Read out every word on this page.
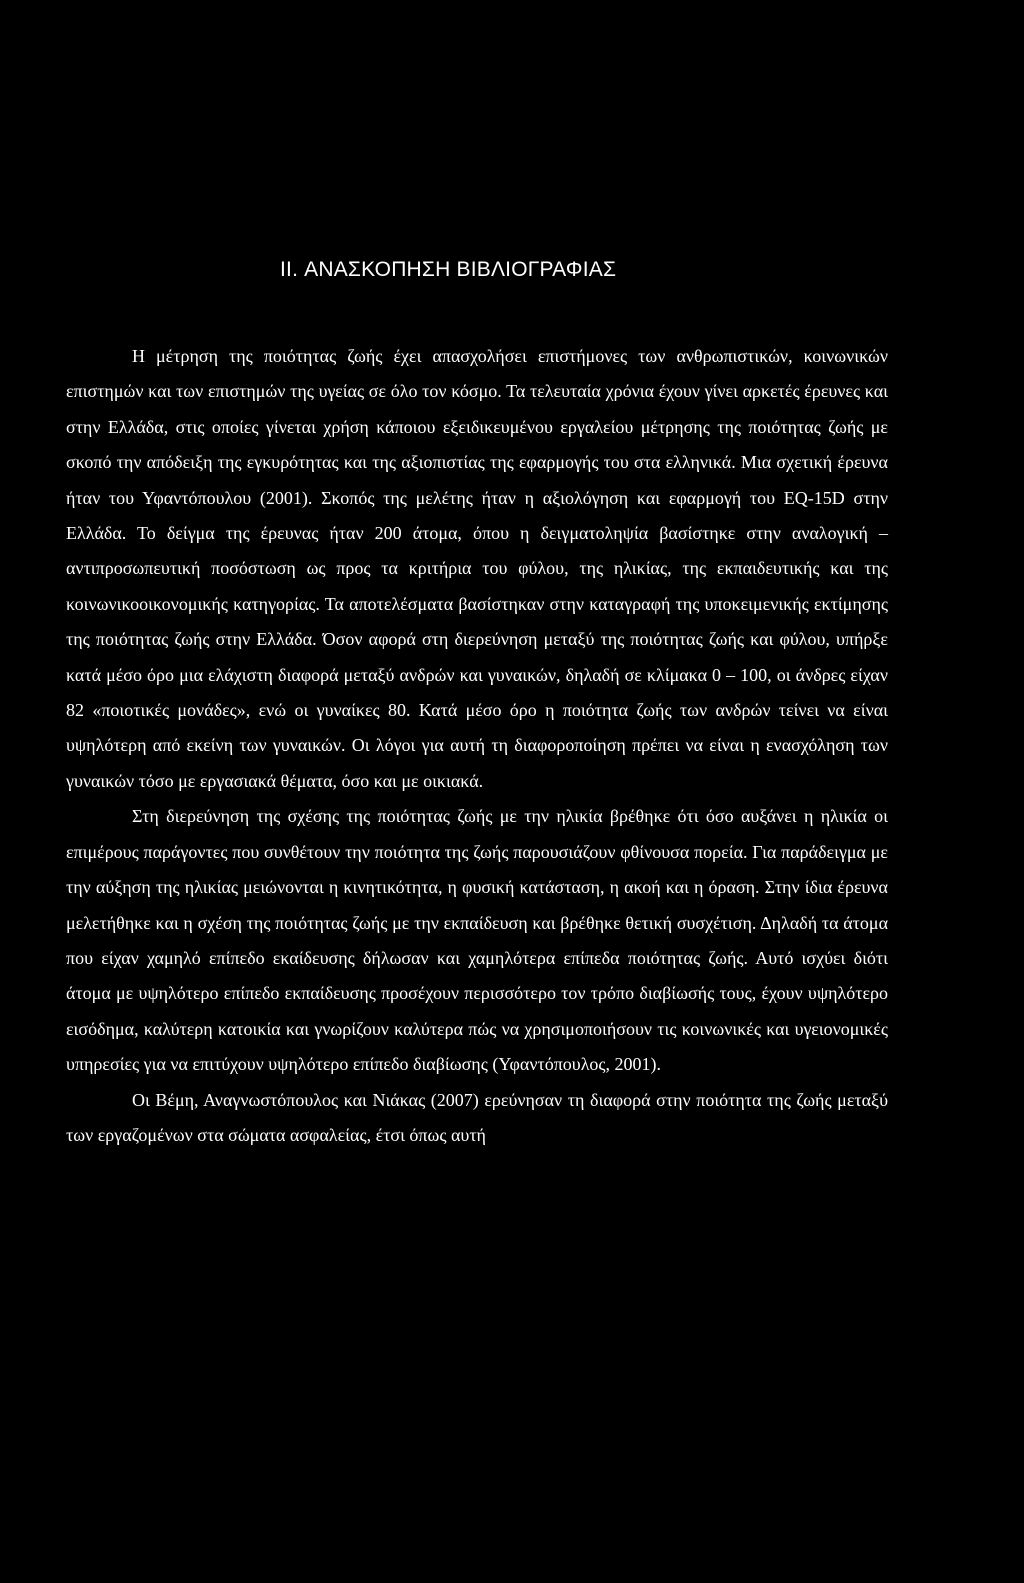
II. ΑΝΑΣΚΟΠΗΣΗ ΒΙΒΛΙΟΓΡΑΦΙΑΣ

Η μέτρηση της ποιότητας ζωής έχει απασχολήσει επιστήμονες των ανθρωπιστικών, κοινωνικών επιστημών και των επιστημών της υγείας σε όλο τον κόσμο. Τα τελευταία χρόνια έχουν γίνει αρκετές έρευνες και στην Ελλάδα, στις οποίες γίνεται χρήση κάποιου εξειδικευμένου εργαλείου μέτρησης της ποιότητας ζωής με σκοπό την απόδειξη της εγκυρότητας και της αξιοπιστίας της εφαρμογής του στα ελληνικά. Μια σχετική έρευνα ήταν του Υφαντόπουλου (2001). Σκοπός της μελέτης ήταν η αξιολόγηση και εφαρμογή του EQ-15D στην Ελλάδα. Το δείγμα της έρευνας ήταν 200 άτομα, όπου η δειγματοληψία βασίστηκε στην αναλογική – αντιπροσωπευτική ποσόστωση ως προς τα κριτήρια του φύλου, της ηλικίας, της εκπαιδευτικής και της κοινωνικοοικονομικής κατηγορίας. Τα αποτελέσματα βασίστηκαν στην καταγραφή της υποκειμενικής εκτίμησης της ποιότητας ζωής στην Ελλάδα. Όσον αφορά στη διερεύνηση μεταξύ της ποιότητας ζωής και φύλου, υπήρξε κατά μέσο όρο μια ελάχιστη διαφορά μεταξύ ανδρών και γυναικών, δηλαδή σε κλίμακα 0 – 100, οι άνδρες είχαν 82 «ποιοτικές μονάδες», ενώ οι γυναίκες 80. Κατά μέσο όρο η ποιότητα ζωής των ανδρών τείνει να είναι υψηλότερη από εκείνη των γυναικών. Οι λόγοι για αυτή τη διαφοροποίηση πρέπει να είναι η ενασχόληση των γυναικών τόσο με εργασιακά θέματα, όσο και με οικιακά.

Στη διερεύνηση της σχέσης της ποιότητας ζωής με την ηλικία βρέθηκε ότι όσο αυξάνει η ηλικία οι επιμέρους παράγοντες που συνθέτουν την ποιότητα της ζωής παρουσιάζουν φθίνουσα πορεία. Για παράδειγμα με την αύξηση της ηλικίας μειώνονται η κινητικότητα, η φυσική κατάσταση, η ακοή και η όραση. Στην ίδια έρευνα μελετήθηκε και η σχέση της ποιότητας ζωής με την εκπαίδευση και βρέθηκε θετική συσχέτιση. Δηλαδή τα άτομα που είχαν χαμηλό επίπεδο εκαίδευσης δήλωσαν και χαμηλότερα επίπεδα ποιότητας ζωής. Αυτό ισχύει διότι άτομα με υψηλότερο επίπεδο εκπαίδευσης προσέχουν περισσότερο τον τρόπο διαβίωσής τους, έχουν υψηλότερο εισόδημα, καλύτερη κατοικία και γνωρίζουν καλύτερα πώς να χρησιμοποιήσουν τις κοινωνικές και υγειονομικές υπηρεσίες για να επιτύχουν υψηλότερο επίπεδο διαβίωσης (Υφαντόπουλος, 2001).

Οι Βέμη, Αναγνωστόπουλος και Νιάκας (2007) ερεύνησαν τη διαφορά στην ποιότητα της ζωής μεταξύ των εργαζομένων στα σώματα ασφαλείας, έτσι όπως αυτή
